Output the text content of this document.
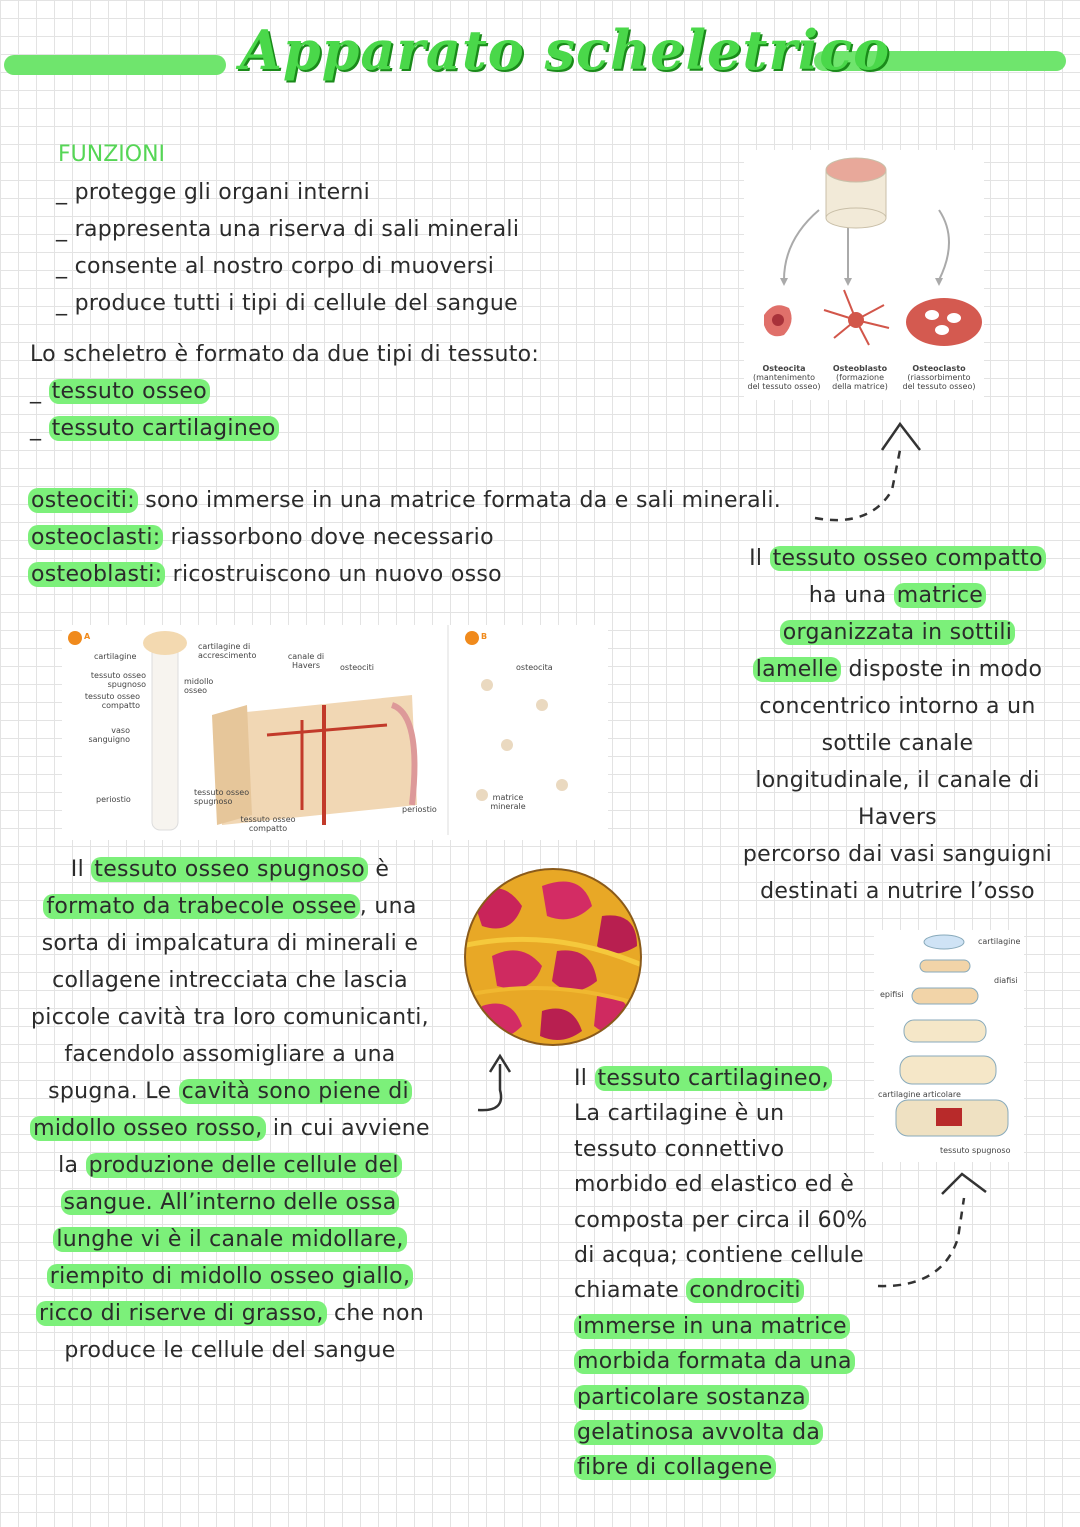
Apparato scheletrico
FUNZIONI
_ protegge gli organi interni
_ rappresenta una riserva di sali minerali
_ consente al nostro corpo di muoversi
_ produce tutti i tipi di cellule del sangue
Lo scheletro è formato da due tipi di tessuto:
_ tessuto osseo
_ tessuto cartilagineo
osteociti: sono immerse in una matrice formata da e sali minerali.
osteoclasti: riassorbono dove necessario
osteoblasti: ricostruiscono un nuovo osso
Osteocita
(mantenimento
del tessuto osseo)
Osteoblasto
(formazione
della matrice)
Osteoclasto
(riassorbimento
del tessuto osseo)
Il tessuto osseo compatto
ha una matrice
organizzata in sottili
lamelle disposte in modo
concentrico intorno a un
sottile canale
longitudinale, il canale di
Havers
percorso dai vasi sanguigni
destinati a nutrire l’osso
A	B
cartilagine
tessuto osseo spugnoso
tessuto osseo compatto
vaso sanguigno
periostio
cartilagine di accrescimento
midollo osseo
canale di Havers	osteociti
tessuto osseo spugnoso
tessuto osseo compatto
periostio
osteocita
matrice minerale
Il tessuto osseo spugnoso è
formato da trabecole ossee , una
sorta di impalcatura di minerali e
collagene intrecciata che lascia
piccole cavità tra loro comunicanti,
facendolo assomigliare a una
spugna. Le cavità sono piene di
midollo osseo rosso, in cui avviene
la produzione delle cellule del
sangue. All’interno delle ossa
lunghe vi è il canale midollare,
riempito di midollo osseo giallo,
ricco di riserve di grasso, che non
produce le cellule del sangue
cartilagine
diafisi
epifisi
cartilagine articolare
tessuto spugnoso
Il tessuto cartilagineo,
La cartilagine è un
tessuto connettivo
morbido ed elastico ed è
composta per circa il 60%
di acqua; contiene cellule
chiamate condrociti
immerse in una matrice
morbida formata da una
particolare sostanza
gelatinosa avvolta da
fibre di collagene
